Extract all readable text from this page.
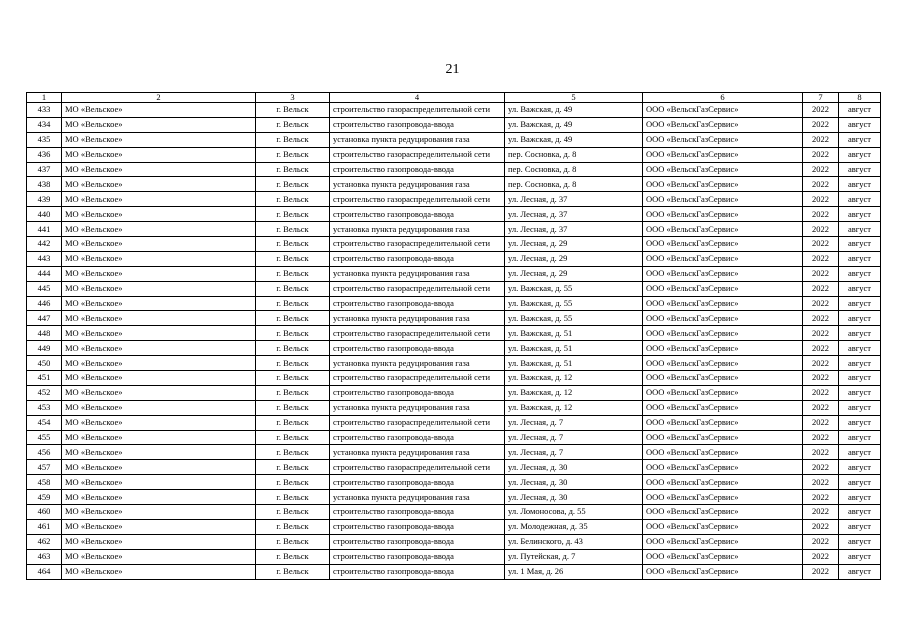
21
1	2	3	4	5	6	7	8
433	МО «Вельское»	г. Вельск	строительство газораспределительной сети	ул. Важская, д. 49	ООО «ВельскГазСервис»	2022	август
434	МО «Вельское»	г. Вельск	строительство газопровода-ввода	ул. Важская, д. 49	ООО «ВельскГазСервис»	2022	август
435	МО «Вельское»	г. Вельск	установка пункта редуцирования газа	ул. Важская, д. 49	ООО «ВельскГазСервис»	2022	август
436	МО «Вельское»	г. Вельск	строительство газораспределительной сети	пер. Сосновка, д. 8	ООО «ВельскГазСервис»	2022	август
437	МО «Вельское»	г. Вельск	строительство газопровода-ввода	пер. Сосновка, д. 8	ООО «ВельскГазСервис»	2022	август
438	МО «Вельское»	г. Вельск	установка пункта редуцирования газа	пер. Сосновка, д. 8	ООО «ВельскГазСервис»	2022	август
439	МО «Вельское»	г. Вельск	строительство газораспределительной сети	ул. Лесная, д. 37	ООО «ВельскГазСервис»	2022	август
440	МО «Вельское»	г. Вельск	строительство газопровода-ввода	ул. Лесная, д. 37	ООО «ВельскГазСервис»	2022	август
441	МО «Вельское»	г. Вельск	установка пункта редуцирования газа	ул. Лесная, д. 37	ООО «ВельскГазСервис»	2022	август
442	МО «Вельское»	г. Вельск	строительство газораспределительной сети	ул. Лесная, д. 29	ООО «ВельскГазСервис»	2022	август
443	МО «Вельское»	г. Вельск	строительство газопровода-ввода	ул. Лесная, д. 29	ООО «ВельскГазСервис»	2022	август
444	МО «Вельское»	г. Вельск	установка пункта редуцирования газа	ул. Лесная, д. 29	ООО «ВельскГазСервис»	2022	август
445	МО «Вельское»	г. Вельск	строительство газораспределительной сети	ул. Важская, д. 55	ООО «ВельскГазСервис»	2022	август
446	МО «Вельское»	г. Вельск	строительство газопровода-ввода	ул. Важская, д. 55	ООО «ВельскГазСервис»	2022	август
447	МО «Вельское»	г. Вельск	установка пункта редуцирования газа	ул. Важская, д. 55	ООО «ВельскГазСервис»	2022	август
448	МО «Вельское»	г. Вельск	строительство газораспределительной сети	ул. Важская, д. 51	ООО «ВельскГазСервис»	2022	август
449	МО «Вельское»	г. Вельск	строительство газопровода-ввода	ул. Важская, д. 51	ООО «ВельскГазСервис»	2022	август
450	МО «Вельское»	г. Вельск	установка пункта редуцирования газа	ул. Важская, д. 51	ООО «ВельскГазСервис»	2022	август
451	МО «Вельское»	г. Вельск	строительство газораспределительной сети	ул. Важская, д. 12	ООО «ВельскГазСервис»	2022	август
452	МО «Вельское»	г. Вельск	строительство газопровода-ввода	ул. Важская, д. 12	ООО «ВельскГазСервис»	2022	август
453	МО «Вельское»	г. Вельск	установка пункта редуцирования газа	ул. Важская, д. 12	ООО «ВельскГазСервис»	2022	август
454	МО «Вельское»	г. Вельск	строительство газораспределительной сети	ул. Лесная, д. 7	ООО «ВельскГазСервис»	2022	август
455	МО «Вельское»	г. Вельск	строительство газопровода-ввода	ул. Лесная, д. 7	ООО «ВельскГазСервис»	2022	август
456	МО «Вельское»	г. Вельск	установка пункта редуцирования газа	ул. Лесная, д. 7	ООО «ВельскГазСервис»	2022	август
457	МО «Вельское»	г. Вельск	строительство газораспределительной сети	ул. Лесная, д. 30	ООО «ВельскГазСервис»	2022	август
458	МО «Вельское»	г. Вельск	строительство газопровода-ввода	ул. Лесная, д. 30	ООО «ВельскГазСервис»	2022	август
459	МО «Вельское»	г. Вельск	установка пункта редуцирования газа	ул. Лесная, д. 30	ООО «ВельскГазСервис»	2022	август
460	МО «Вельское»	г. Вельск	строительство газопровода-ввода	ул. Ломоносова, д. 55	ООО «ВельскГазСервис»	2022	август
461	МО «Вельское»	г. Вельск	строительство газопровода-ввода	ул. Молодежная, д. 35	ООО «ВельскГазСервис»	2022	август
462	МО «Вельское»	г. Вельск	строительство газопровода-ввода	ул. Белинского, д. 43	ООО «ВельскГазСервис»	2022	август
463	МО «Вельское»	г. Вельск	строительство газопровода-ввода	ул. Путейская, д. 7	ООО «ВельскГазСервис»	2022	август
464	МО «Вельское»	г. Вельск	строительство газопровода-ввода	ул. 1 Мая, д. 26	ООО «ВельскГазСервис»	2022	август
